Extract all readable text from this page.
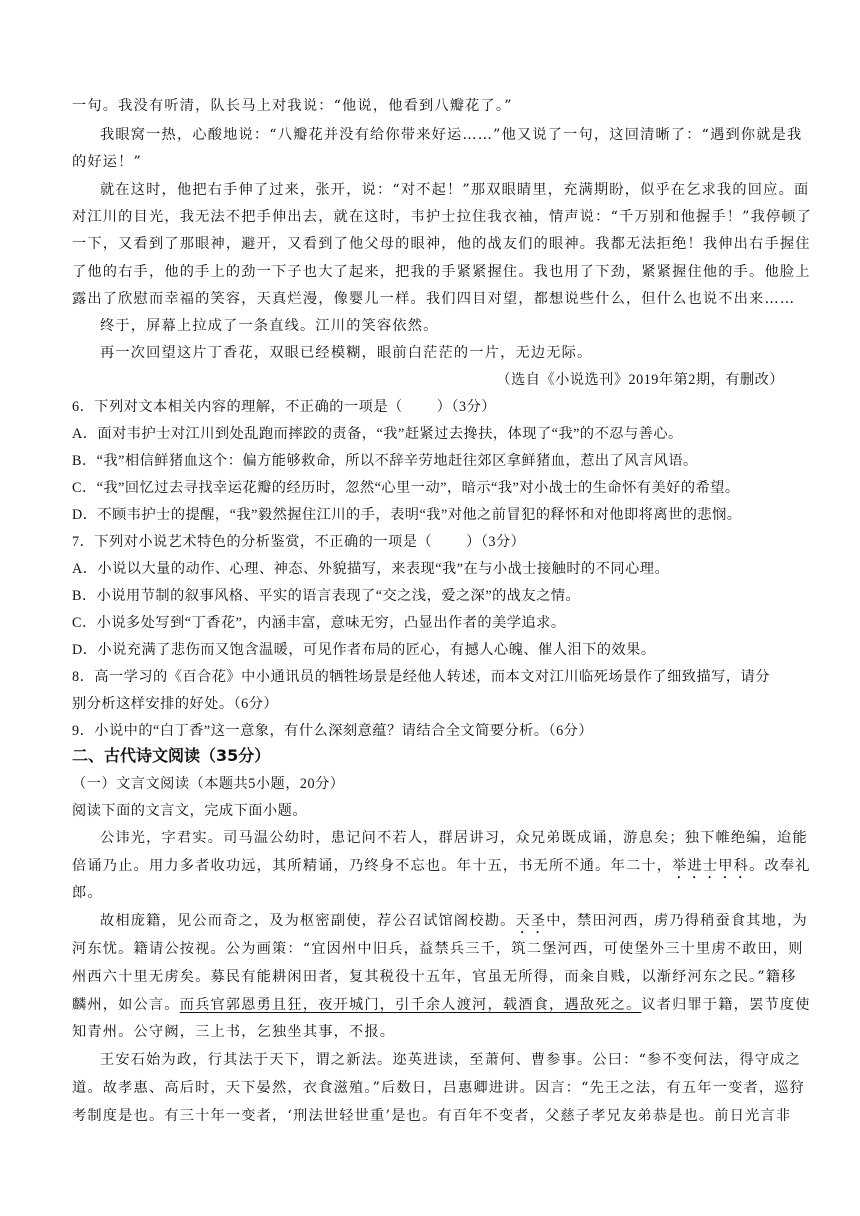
一句。我没有听清，队长马上对我说：“他说，他看到八瓣花了。”
我眼窝一热，心酸地说：“八瓣花并没有给你带来好运……”他又说了一句，这回清晰了：“遇到你就是我
的好运！”
就在这时，他把右手伸了过来，张开，说：“对不起！”那双眼睛里，充满期盼，似乎在乞求我的回应。面
对江川的目光，我无法不把手伸出去，就在这时，韦护士拉住我衣袖，情声说：“千万别和他握手！”我停顿了
一下，又看到了那眼神，避开，又看到了他父母的眼神，他的战友们的眼神。我都无法拒绝！我伸出右手握住
了他的右手，他的手上的劲一下子也大了起来，把我的手紧紧握住。我也用了下劲，紧紧握住他的手。他脸上
露出了欣慰而幸福的笑容，天真烂漫，像婴儿一样。我们四目对望，都想说些什么，但什么也说不出来……
终于，屏幕上拉成了一条直线。江川的笑容依然。
再一次回望这片丁香花，双眼已经模糊，眼前白茫茫的一片，无边无际。
（选自《小说选刊》2019年第2期，有删改）
6．下列对文本相关内容的理解，不正确的一项是（ ）（3分）
A．面对韦护士对江川到处乱跑而摔跤的责备，“我”赶紧过去搀扶，体现了“我”的不忍与善心。
B．“我”相信鲜猪血这个：偏方能够救命，所以不辞辛劳地赶往郊区拿鲜猪血，惹出了风言风语。
C．“我”回忆过去寻找幸运花瓣的经历时，忽然“心里一动”，暗示“我”对小战士的生命怀有美好的希望。
D．不顾韦护士的提醒，“我”毅然握住江川的手，表明“我”对他之前冒犯的释怀和对他即将离世的悲悯。
7．下列对小说艺术特色的分析鉴赏，不正确的一项是（ ）（3分）
A．小说以大量的动作、心理、神态、外貌描写，来表现“我”在与小战士接触时的不同心理。
B．小说用节制的叙事风格、平实的语言表现了“交之浅，爱之深”的战友之情。
C．小说多处写到“丁香花”，内涵丰富，意味无穷，凸显出作者的美学追求。
D．小说充满了悲伤而又饱含温暖，可见作者布局的匠心，有撼人心魄、催人泪下的效果。
8．高一学习的《百合花》中小通讯员的牺牲场景是经他人转述，而本文对江川临死场景作了细致描写，请分
别分析这样安排的好处。（6分）
9．小说中的“白丁香”这一意象，有什么深刻意蕴？请结合全文简要分析。（6分）
二、古代诗文阅读（35分）
（一）文言文阅读（本题共5小题，20分）
阅读下面的文言文，完成下面小题。
公讳光，字君实。司马温公幼时，患记问不若人，群居讲习，众兄弟既成诵，游息矣；独下帷绝编，迨能
倍诵乃止。用力多者收功远，其所精诵，乃终身不忘也。年十五，书无所不通。年二十，举进士甲科。改奉礼
郎。
故相庞籍，见公而奇之，及为枢密副使，荐公召试馆阁校勘。天圣中，禁田河西，虏乃得稍蚕食其地，为
河东忧。籍请公按视。公为画策：“宜因州中旧兵，益禁兵三千，筑二堡河西，可使堡外三十里虏不敢田，则
州西六十里无虏矣。募民有能耕闲田者，复其税役十五年，官虽无所得，而籴自贱，以渐纾河东之民。”籍移
麟州，如公言。而兵官郭恩勇且狂，夜开城门，引千余人渡河，载酒食，遇敌死之。议者归罪于籍，罢节度使
知青州。公守阙，三上书，乞独坐其事，不报。
王安石始为政，行其法于天下，谓之新法。迩英进读，至萧何、曹参事。公曰：“参不变何法，得守成之
道。故孝惠、高后时，天下晏然，衣食滋殖。”后数日，吕惠卿进讲。因言：“先王之法，有五年一变者，巡狩
考制度是也。有三十年一变者，‘刑法世轻世重’是也。有百年不变者，父慈子孝兄友弟恭是也。前日光言非
